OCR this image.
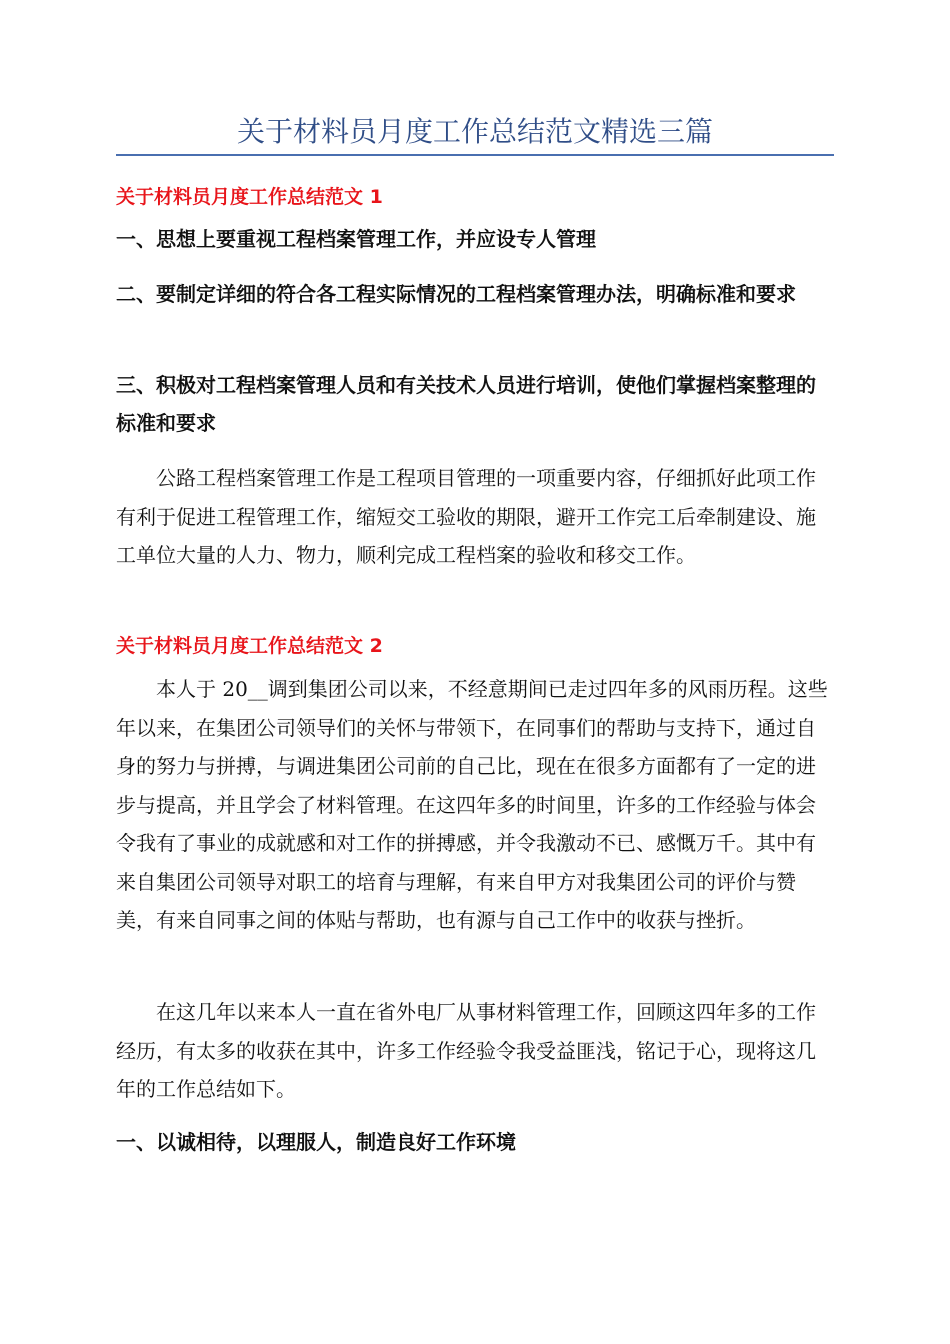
关于材料员月度工作总结范文精选三篇
关于材料员月度工作总结范文 1
一、思想上要重视工程档案管理工作，并应设专人管理
二、要制定详细的符合各工程实际情况的工程档案管理办法，明确标准和要求
三、积极对工程档案管理人员和有关技术人员进行培训，使他们掌握档案整理的标准和要求

公路工程档案管理工作是工程项目管理的一项重要内容，仔细抓好此项工作有利于促进工程管理工作，缩短交工验收的期限，避开工作完工后牵制建设、施工单位大量的人力、物力，顺利完成工程档案的验收和移交工作。

关于材料员月度工作总结范文 2

本人于 20__调到集团公司以来，不经意期间已走过四年多的风雨历程。这些年以来，在集团公司领导们的关怀与带领下，在同事们的帮助与支持下，通过自身的努力与拼搏，与调进集团公司前的自己比，现在在很多方面都有了一定的进步与提高，并且学会了材料管理。在这四年多的时间里，许多的工作经验与体会令我有了事业的成就感和对工作的拼搏感，并令我激动不已、感慨万千。其中有来自集团公司领导对职工的培育与理解，有来自甲方对我集团公司的评价与赞美，有来自同事之间的体贴与帮助，也有源与自己工作中的收获与挫折。

在这几年以来本人一直在省外电厂从事材料管理工作，回顾这四年多的工作经历，有太多的收获在其中，许多工作经验令我受益匪浅，铭记于心，现将这几年的工作总结如下。

一、以诚相待，以理服人，制造良好工作环境
